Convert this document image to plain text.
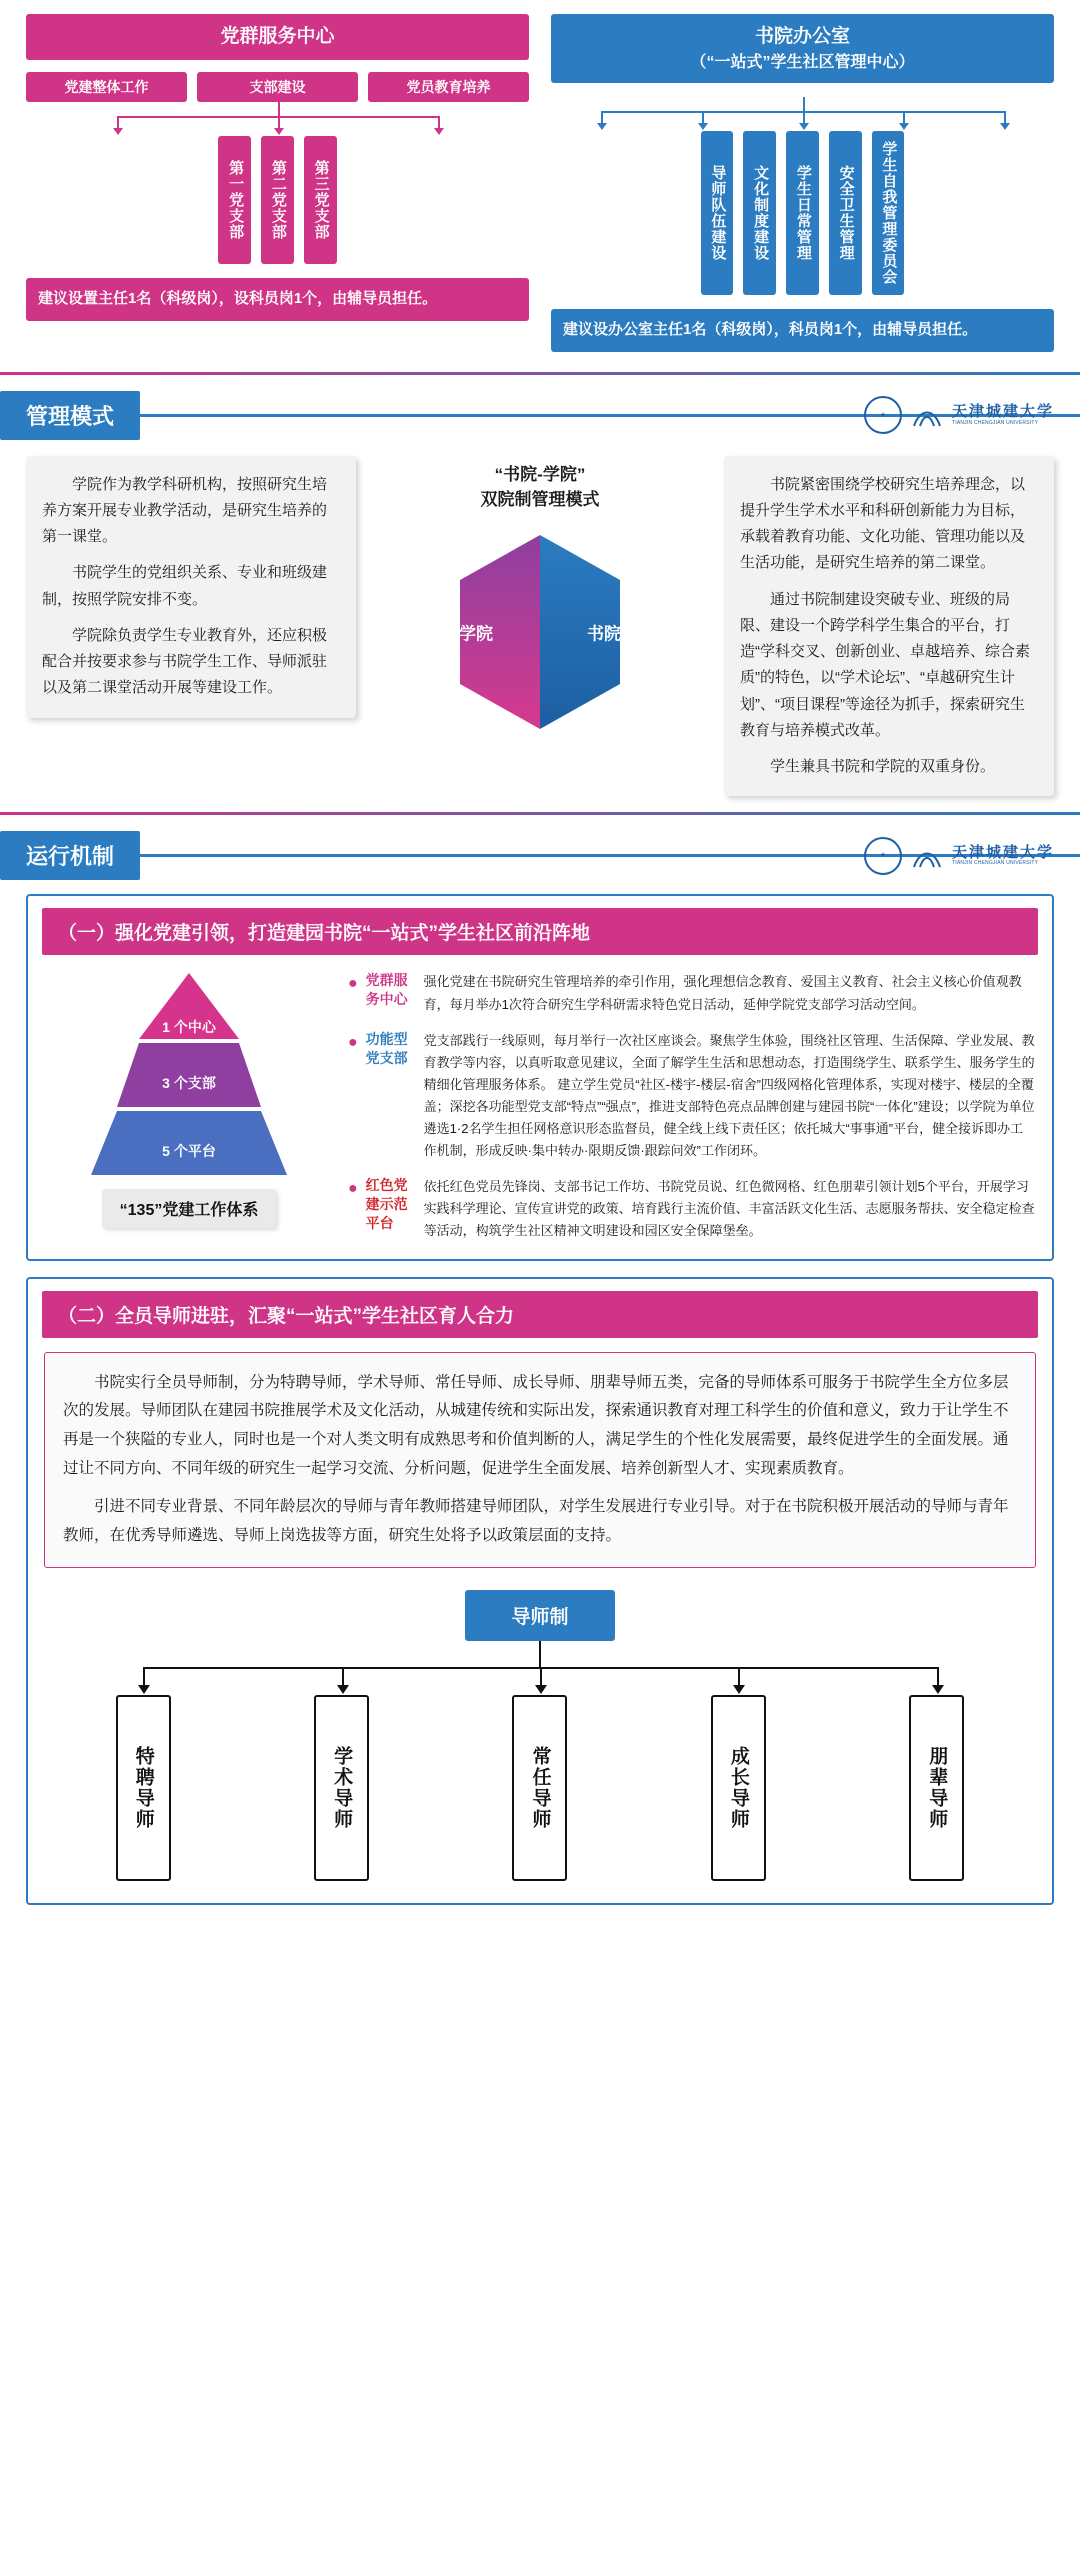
党群服务中心
党建整体工作	支部建设	党员教育培养
第一党支部	第二党支部	第三党支部
建议设置主任1名（科级岗），设科员岗1个，由辅导员担任。
书院办公室
（“一站式”学生社区管理中心）
导师队伍建设	文化制度建设	学生日常管理	安全卫生管理	学生自我管理委员会
建议设办公室主任1名（科级岗），科员岗1个，由辅导员担任。
管理模式	★	天津城建大学
TIANJIN CHENGJIAN UNIVERSITY

学院作为教学科研机构，按照研究生培养方案开展专业教学活动，是研究生培养的第一课堂。

书院学生的党组织关系、专业和班级建制，按照学院安排不变。

学院除负责学生专业教育外，还应积极配合并按要求参与书院学生工作、导师派驻以及第二课堂活动开展等建设工作。

“书院-学院”
双院制管理模式
学院	书院

书院紧密围绕学校研究生培养理念，以提升学生学术水平和科研创新能力为目标，承载着教育功能、文化功能、管理功能以及生活功能，是研究生培养的第二课堂。

通过书院制建设突破专业、班级的局限、建设一个跨学科学生集合的平台，打造“学科交叉、创新创业、卓越培养、综合素质”的特色，以“学术论坛”、“卓越研究生计划”、“项目课程”等途径为抓手，探索研究生教育与培养模式改革。

学生兼具书院和学院的双重身份。

运行机制	★	天津城建大学
TIANJIN CHENGJIAN UNIVERSITY
（一）强化党建引领，打造建园书院“一站式”学生社区前沿阵地
1 个中心
3 个支部
5 个平台
“135”党建工作体系
● 党群服务中心
强化党建在书院研究生管理培养的牵引作用，强化理想信念教育、爱国主义教育、社会主义核心价值观教育，每月举办1次符合研究生学科研需求特色党日活动，延伸学院党支部学习活动空间。
● 功能型党支部
党支部践行一线原则，每月举行一次社区座谈会。聚焦学生体验，围绕社区管理、生活保障、学业发展、教育教学等内容，以真听取意见建议，全面了解学生生活和思想动态，打造围绕学生、联系学生、服务学生的精细化管理服务体系。 建立学生党员“社区-楼宇-楼层-宿舍”四级网格化管理体系，实现对楼宇、楼层的全覆盖；深挖各功能型党支部“特点”“强点”，推进支部特色亮点品牌创建与建园书院“一体化”建设；以学院为单位遴选1·2名学生担任网格意识形态监督员，健全线上线下责任区；依托城大“事事通”平台，健全接诉即办工作机制，形成反映·集中转办·限期反馈·跟踪问效”工作闭环。
● 红色党建示范平台
依托红色党员先锋岗、支部书记工作坊、书院党员说、红色微网格、红色朋辈引领计划5个平台，开展学习实践科学理论、宣传宣讲党的政策、培育践行主流价值、丰富活跃文化生活、志愿服务帮扶、安全稳定检查等活动，构筑学生社区精神文明建设和园区安全保障堡垒。
（二）全员导师进驻，汇聚“一站式”学生社区育人合力

书院实行全员导师制，分为特聘导师，学术导师、常任导师、成长导师、朋辈导师五类，完备的导师体系可服务于书院学生全方位多层次的发展。导师团队在建园书院推展学术及文化活动，从城建传统和实际出发，探索通识教育对理工科学生的价值和意义，致力于让学生不再是一个狭隘的专业人，同时也是一个对人类文明有成熟思考和价值判断的人，满足学生的个性化发展需要，最终促进学生的全面发展。通过让不同方向、不同年级的研究生一起学习交流、分析问题，促进学生全面发展、培养创新型人才、实现素质教育。

引进不同专业背景、不同年龄层次的导师与青年教师搭建导师团队，对学生发展进行专业引导。对于在书院积极开展活动的导师与青年教师，在优秀导师遴选、导师上岗选拔等方面，研究生处将予以政策层面的支持。

导师制
特聘导师	学术导师	常任导师	成长导师	朋辈导师
